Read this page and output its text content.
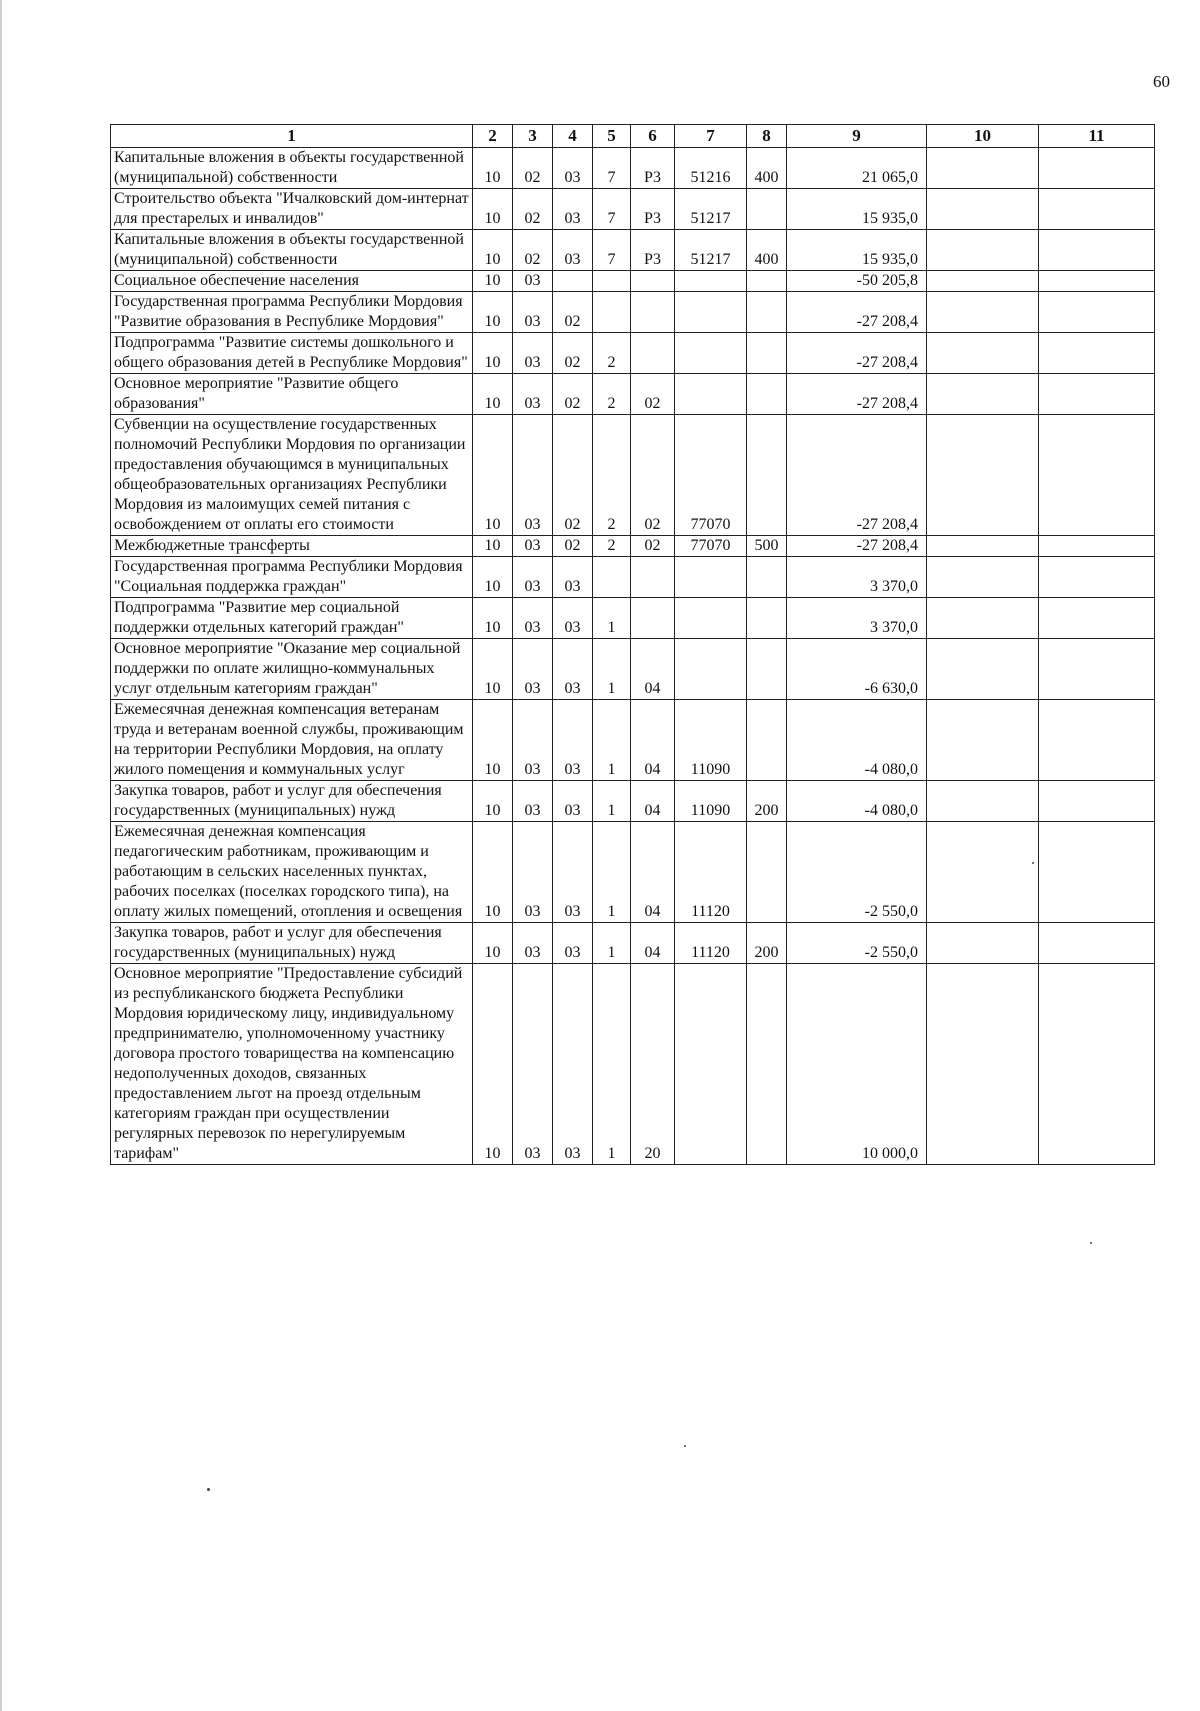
60
1	2	3	4	5	6	7	8	9	10	11
Капитальные вложения в объекты государственной (муниципальной) собственности	10	02	03	7	Р3	51216	400	21 065,0		
Строительство объекта "Ичалковский дом-интернат для престарелых и инвалидов"	10	02	03	7	Р3	51217		15 935,0		
Капитальные вложения в объекты государственной (муниципальной) собственности	10	02	03	7	Р3	51217	400	15 935,0		
Социальное обеспечение населения	10	03						-50 205,8		
Государственная программа Республики Мордовия "Развитие образования в Республике Мордовия"	10	03	02					-27 208,4		
Подпрограмма "Развитие системы дошкольного и общего образования детей в Республике Мордовия"	10	03	02	2				-27 208,4		
Основное мероприятие "Развитие общего образования"	10	03	02	2	02			-27 208,4		
Субвенции на осуществление государственных полномочий Республики Мордовия по организации предоставления обучающимся в муниципальных общеобразовательных организациях Республики Мордовия из малоимущих семей питания с освобождением от оплаты его стоимости	10	03	02	2	02	77070		-27 208,4		
Межбюджетные трансферты	10	03	02	2	02	77070	500	-27 208,4		
Государственная программа Республики Мордовия "Социальная поддержка граждан"	10	03	03					3 370,0		
Подпрограмма "Развитие мер социальной поддержки отдельных категорий граждан"	10	03	03	1				3 370,0		
Основное мероприятие "Оказание мер социальной поддержки по оплате жилищно-коммунальных услуг отдельным категориям граждан"	10	03	03	1	04			-6 630,0		
Ежемесячная денежная компенсация ветеранам труда и ветеранам военной службы, проживающим на территории Республики Мордовия, на оплату жилого помещения и коммунальных услуг	10	03	03	1	04	11090		-4 080,0		
Закупка товаров, работ и услуг для обеспечения государственных (муниципальных) нужд	10	03	03	1	04	11090	200	-4 080,0		
Ежемесячная денежная компенсация педагогическим работникам, проживающим и работающим в сельских населенных пунктах, рабочих поселках (поселках городского типа), на оплату жилых помещений, отопления и освещения	10	03	03	1	04	11120		-2 550,0		
Закупка товаров, работ и услуг для обеспечения государственных (муниципальных) нужд	10	03	03	1	04	11120	200	-2 550,0		
Основное мероприятие "Предоставление субсидий из республиканского бюджета Республики Мордовия юридическому лицу, индивидуальному предпринимателю, уполномоченному участнику договора простого товарищества на компенсацию недополученных доходов, связанных предоставлением льгот на проезд отдельным категориям граждан при осуществлении регулярных перевозок по нерегулируемым тарифам"	10	03	03	1	20			10 000,0		
